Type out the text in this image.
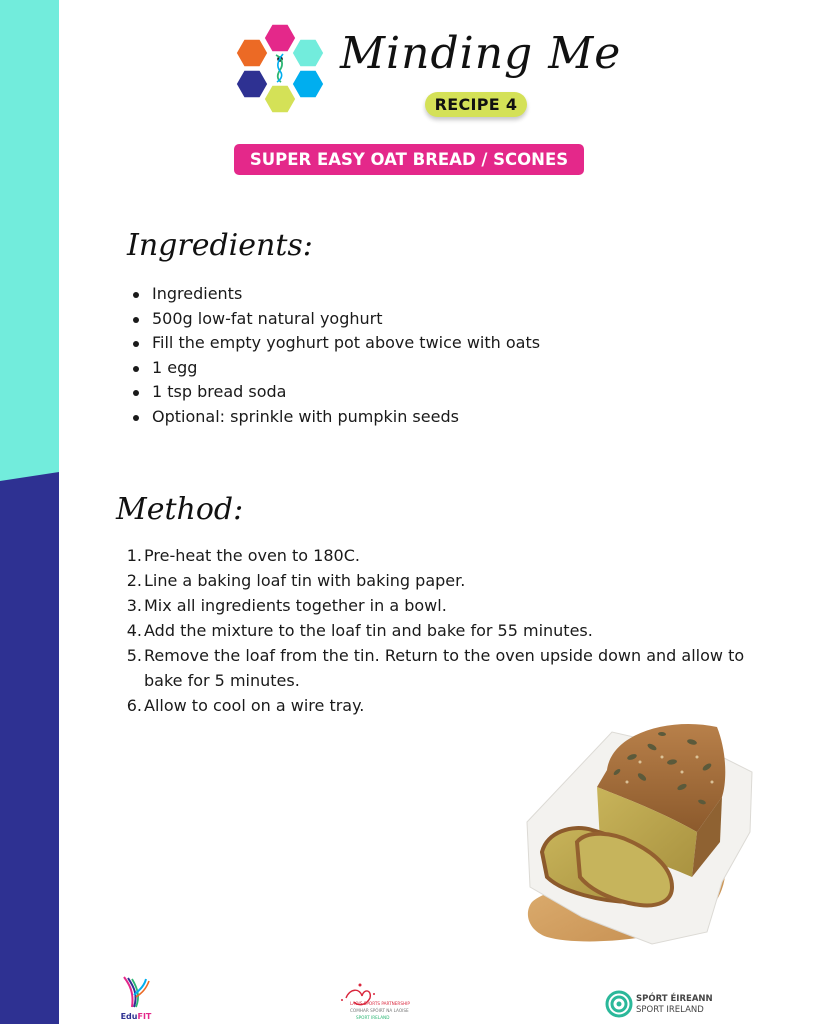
Minding Me
RECIPE 4
SUPER EASY OAT BREAD / SCONES
Ingredients:
Ingredients
500g low-fat natural yoghurt
Fill the empty yoghurt pot above twice with oats
1 egg
1 tsp bread soda
Optional: sprinkle with pumpkin seeds
Method:
1. Pre-heat the oven to 180C.
2. Line a baking loaf tin with baking paper.
3. Mix all ingredients together in a bowl.
4. Add the mixture to the loaf tin and bake for 55 minutes.
5. Remove the loaf from the tin. Return to the oven upside down and allow to bake for 5 minutes.
6. Allow to cool on a wire tray.
EduFIT
LAOIS SPORTS PARTNERSHIP
COMHAR SPÓIRT NA LAOISE
SPORT IRELAND
SPÓRT ÉIREANN
SPORT IRELAND
